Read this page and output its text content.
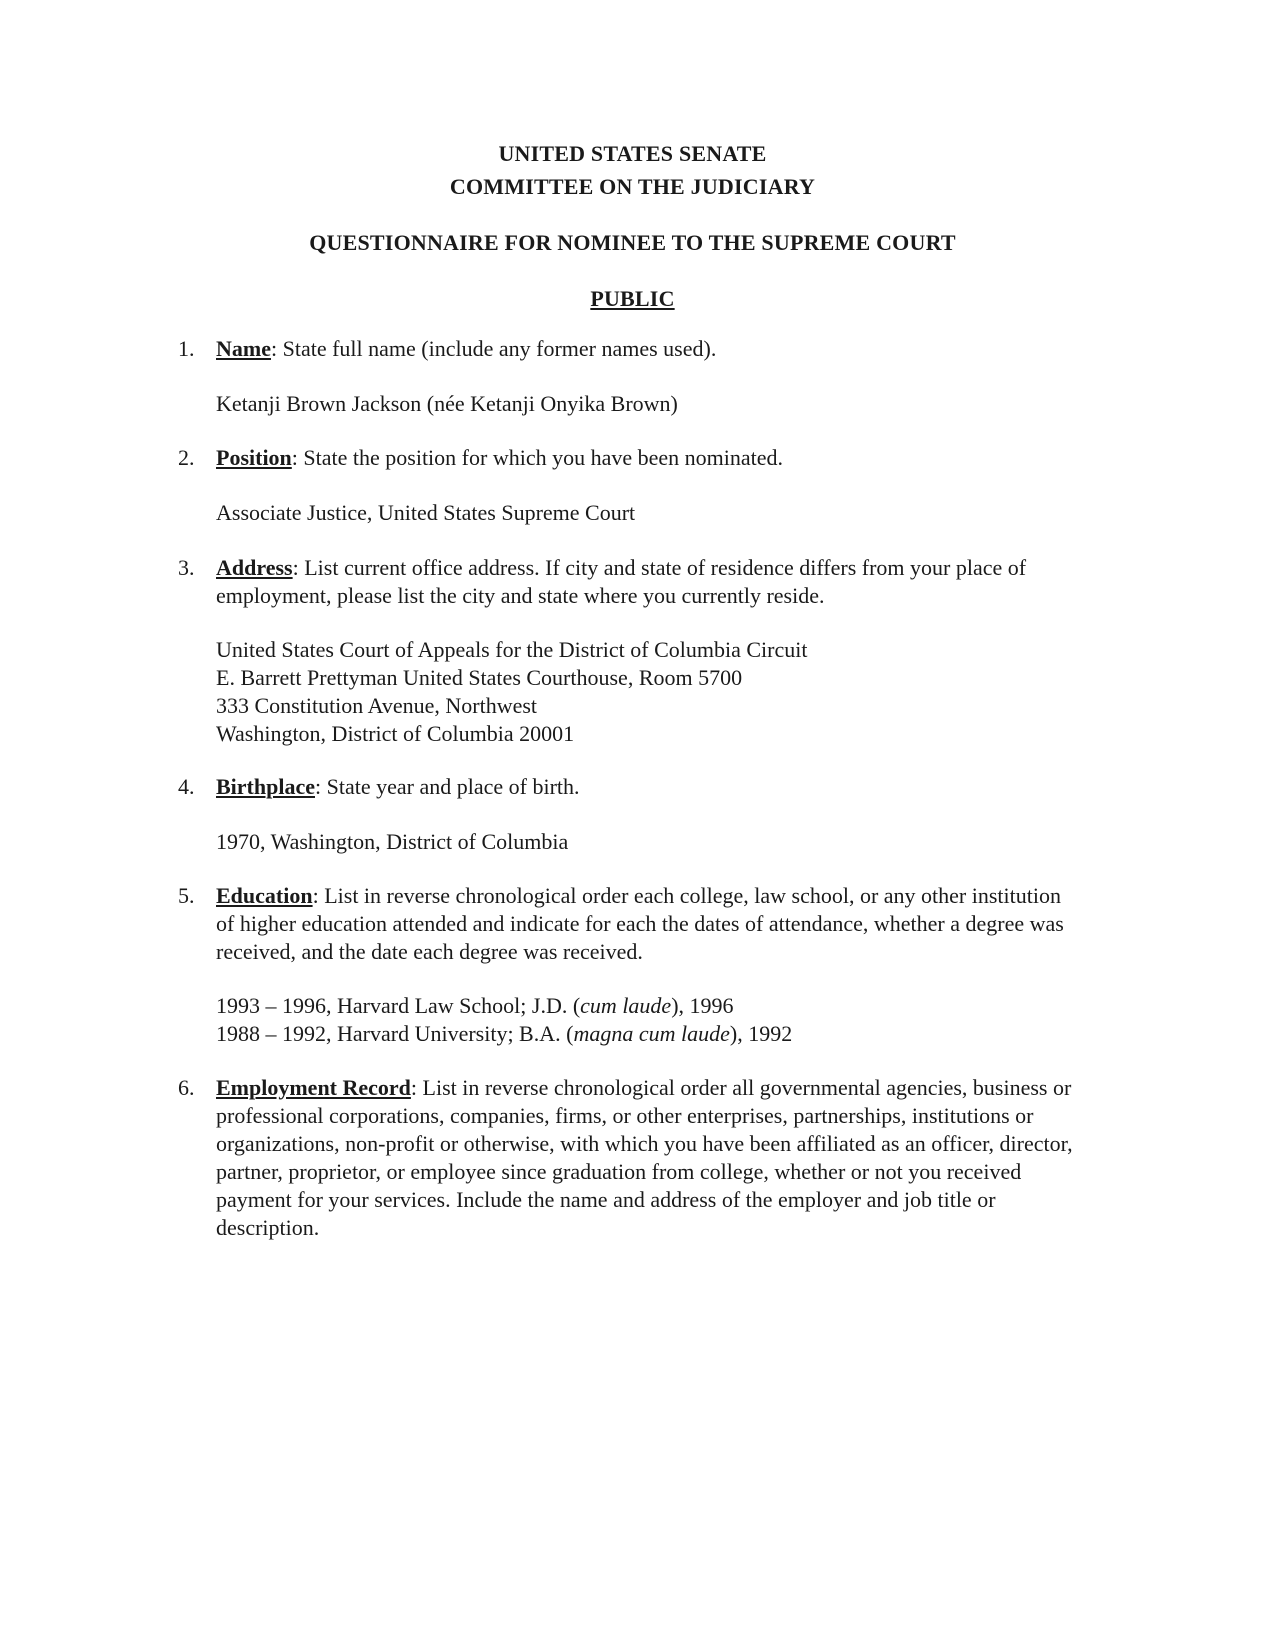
UNITED STATES SENATE
COMMITTEE ON THE JUDICIARY
QUESTIONNAIRE FOR NOMINEE TO THE SUPREME COURT
PUBLIC
1. Name: State full name (include any former names used).
Ketanji Brown Jackson (née Ketanji Onyika Brown)
2. Position: State the position for which you have been nominated.
Associate Justice, United States Supreme Court
3. Address: List current office address. If city and state of residence differs from your place of employment, please list the city and state where you currently reside.
United States Court of Appeals for the District of Columbia Circuit
E. Barrett Prettyman United States Courthouse, Room 5700
333 Constitution Avenue, Northwest
Washington, District of Columbia 20001
4. Birthplace: State year and place of birth.
1970, Washington, District of Columbia
5. Education: List in reverse chronological order each college, law school, or any other institution of higher education attended and indicate for each the dates of attendance, whether a degree was received, and the date each degree was received.
1993 – 1996, Harvard Law School; J.D. (cum laude), 1996
1988 – 1992, Harvard University; B.A. (magna cum laude), 1992
6. Employment Record: List in reverse chronological order all governmental agencies, business or professional corporations, companies, firms, or other enterprises, partnerships, institutions or organizations, non-profit or otherwise, with which you have been affiliated as an officer, director, partner, proprietor, or employee since graduation from college, whether or not you received payment for your services. Include the name and address of the employer and job title or description.
